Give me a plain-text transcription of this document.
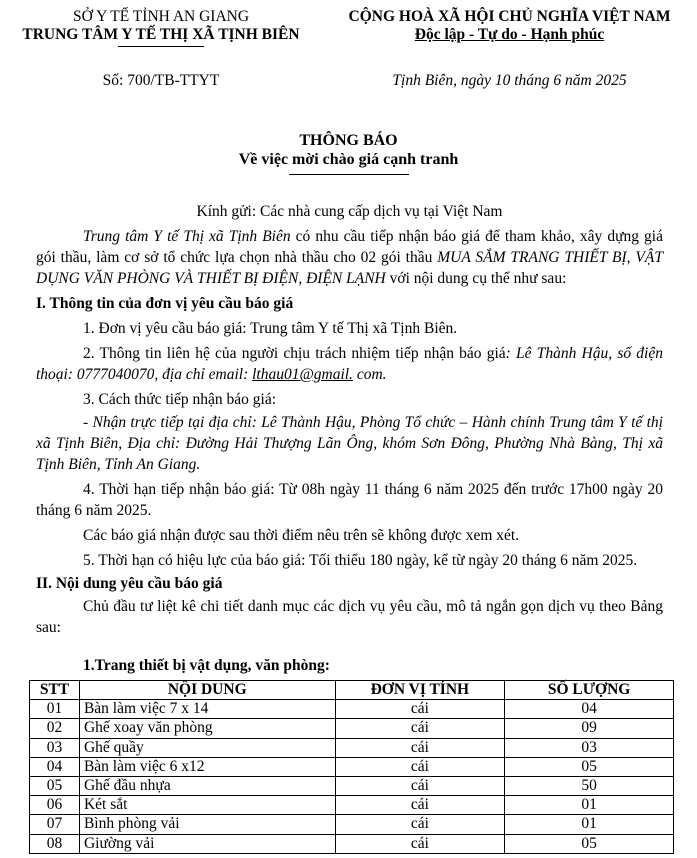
SỞ Y TẾ TỈNH AN GIANG
TRUNG TÂM Y TẾ THỊ XÃ TỊNH BIÊN
CỘNG HOÀ XÃ HỘI CHỦ NGHĨA VIỆT NAM
Độc lập - Tự do - Hạnh phúc
Số: 700/TB-TTYT	Tịnh Biên, ngày 10 tháng 6 năm 2025
THÔNG BÁO
Về việc mời chào giá cạnh tranh

Kính gửi: Các nhà cung cấp dịch vụ tại Việt Nam

Trung tâm Y tế Thị xã Tịnh Biên có nhu cầu tiếp nhận báo giá để tham khảo, xây dựng giá gói thầu, làm cơ sở tổ chức lựa chọn nhà thầu cho 02 gói thầu MUA SẮM TRANG THIẾT BỊ, VẬT DỤNG VĂN PHÒNG VÀ THIẾT BỊ ĐIỆN, ĐIỆN LẠNH với nội dung cụ thể như sau:

I. Thông tin của đơn vị yêu cầu báo giá

1. Đơn vị yêu cầu báo giá: Trung tâm Y tế Thị xã Tịnh Biên.

2. Thông tin liên hệ của người chịu trách nhiệm tiếp nhận báo giá: Lê Thành Hậu, số điện thoại: 0777040070, địa chỉ email: lthau01@gmail. com.

3. Cách thức tiếp nhận báo giá:

- Nhận trực tiếp tại địa chỉ: Lê Thành Hậu, Phòng Tổ chức – Hành chính Trung tâm Y tế thị xã Tịnh Biên, Địa chỉ: Đường Hải Thượng Lãn Ông, khóm Sơn Đông, Phường Nhà Bàng, Thị xã Tịnh Biên, Tỉnh An Giang.

4. Thời hạn tiếp nhận báo giá: Từ 08h ngày 11 tháng 6 năm 2025 đến trước 17h00 ngày 20 tháng 6 năm 2025.

Các báo giá nhận được sau thời điểm nêu trên sẽ không được xem xét.

5. Thời hạn có hiệu lực của báo giá: Tối thiểu 180 ngày, kể từ ngày 20 tháng 6 năm 2025.

II. Nội dung yêu cầu báo giá

Chủ đầu tư liệt kê chi tiết danh mục các dịch vụ yêu cầu, mô tả ngắn gọn dịch vụ theo Bảng sau:

1.Trang thiết bị vật dụng, văn phòng:
STT	NỘI DUNG	ĐƠN VỊ TÍNH	SỐ LƯỢNG
01	Bàn làm việc 7 x 14	cái	04
02	Ghế xoay văn phòng	cái	09
03	Ghế quầy	cái	03
04	Bàn làm việc 6 x12	cái	05
05	Ghế đầu nhựa	cái	50
06	Két sắt	cái	01
07	Bình phòng vải	cái	01
08	Giường vải	cái	05
